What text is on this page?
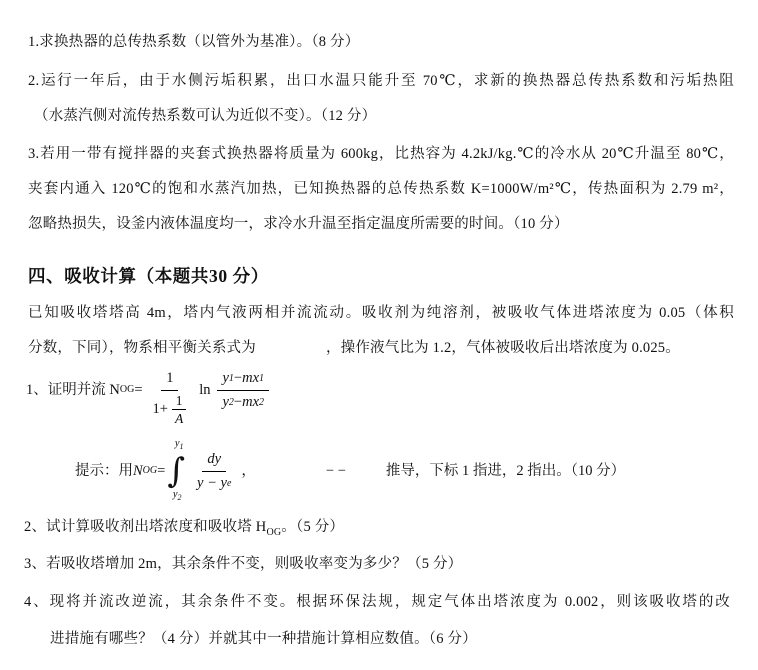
1.求换热器的总传热系数（以管外为基准）。（8 分）
2.运行一年后，由于水侧污垢积累，出口水温只能升至 70℃，求新的换热器总传热系数和污垢热阻
（水蒸汽侧对流传热系数可认为近似不变）。（12 分）
3.若用一带有搅拌器的夹套式换热器将质量为 600kg，比热容为 4.2kJ/kg.℃的冷水从 20℃升温至 80℃，
夹套内通入 120℃的饱和水蒸汽加热，已知换热器的总传热系数 K=1000W/m²℃，传热面积为 2.79 m²，
忽略热损失，设釜内液体温度均一，求冷水升温至指定温度所需要的时间。（10 分）
四、吸收计算（本题共30 分）
已知吸收塔塔高 4m，塔内气液两相并流流动。吸收剂为纯溶剂，被吸收气体进塔浓度为 0.05（体积
分数，下同），物系相平衡关系式为	，操作液气比为 1.2，气体被吸收后出塔浓度为 0.025。
1、证明并流 N OG = $\frac{1}{1+ \frac{1}{A}}$ $\ln \frac{y 1 - mx 1}{y 2 - mx 2}$
提示：用 N OG =
$y_1$
∫
$y_2$
$\frac{dy}{\text{y − y e}}$ ，	− −	推导，下标 1 指进，2 指出。（10 分）
2、试计算吸收剂出塔浓度和吸收塔 $H_{OG}$。（5 分）
3、若吸收塔增加 2m，其余条件不变，则吸收率变为多少？（5 分）
4、现将并流改逆流，其余条件不变。根据环保法规，规定气体出塔浓度为 0.002，则该吸收塔的改
进措施有哪些？（4 分）并就其中一种措施计算相应数值。（6 分）
